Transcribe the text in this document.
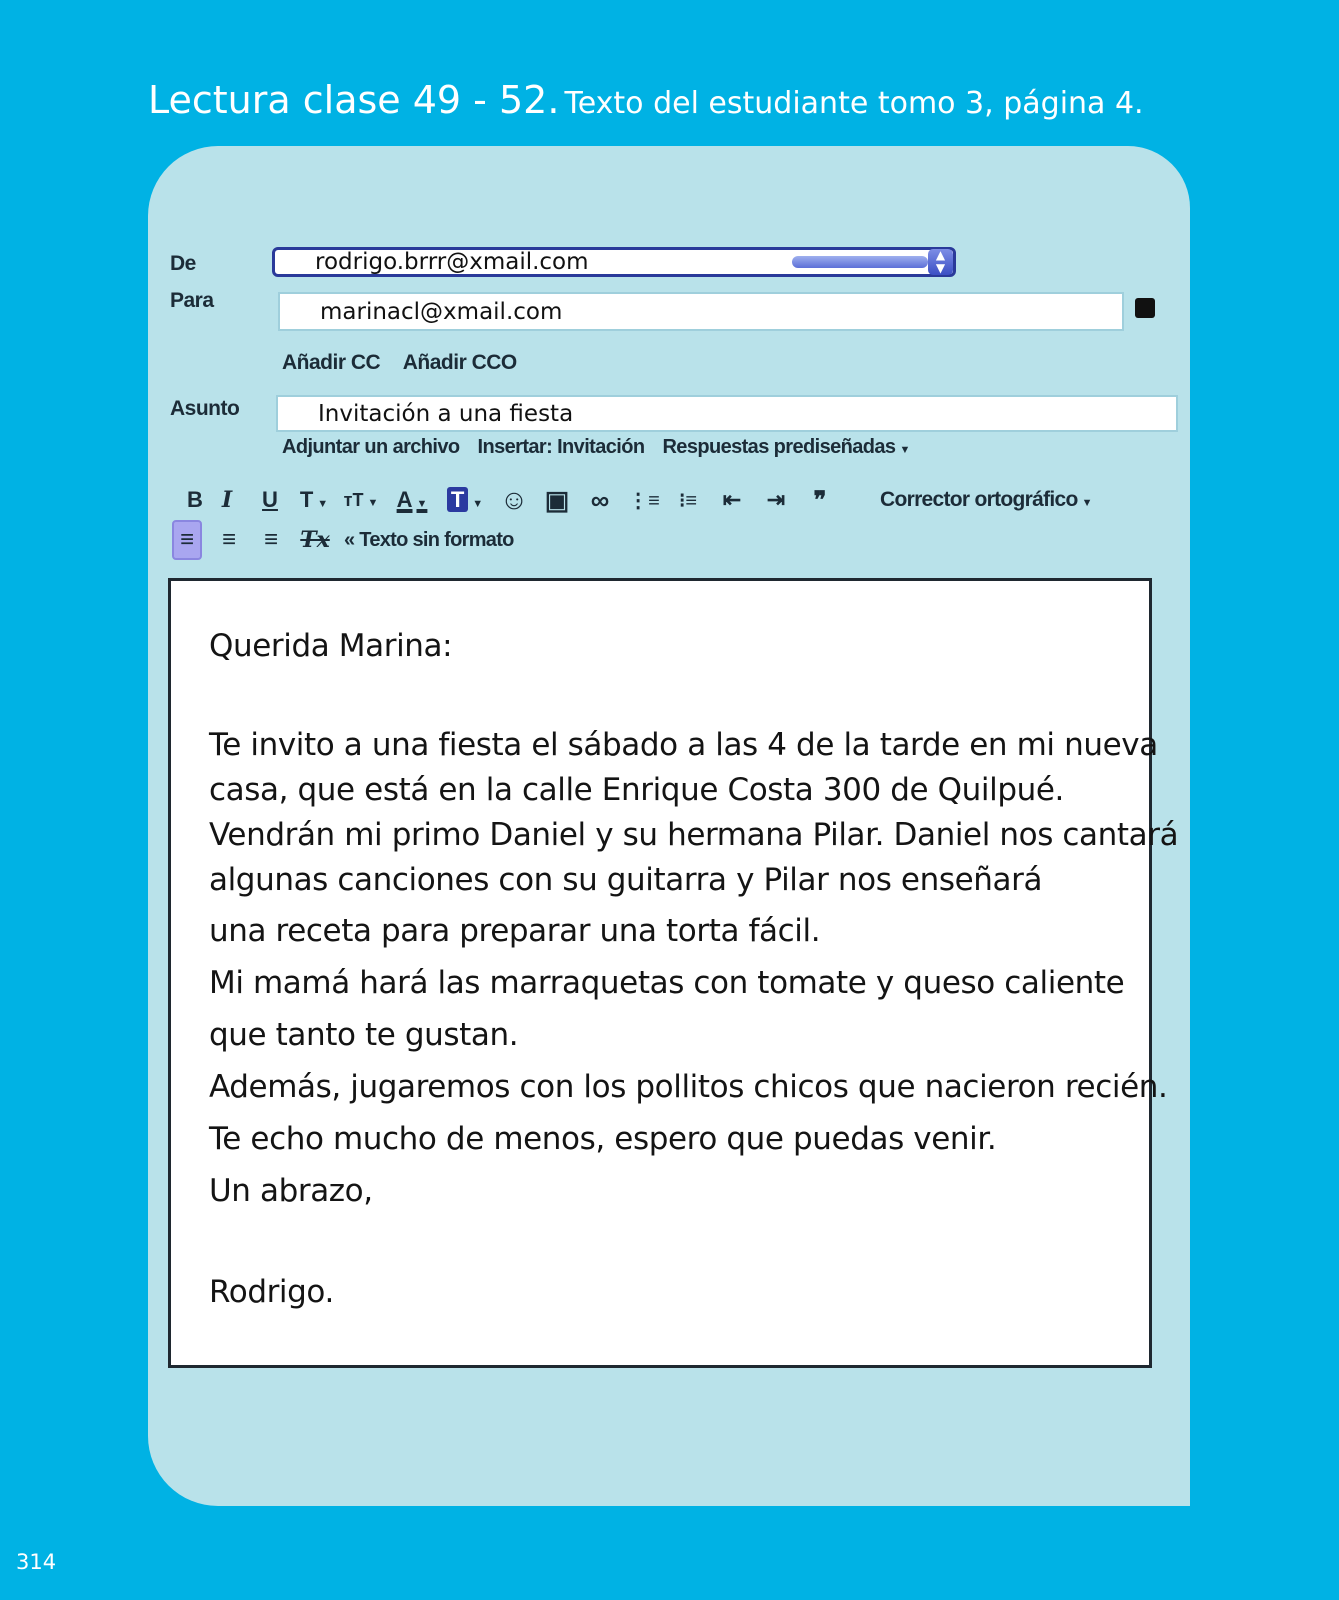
Lectura clase 49 - 52. Texto del estudiante tomo 3, página 4.
De	rodrigo.brrr@xmail.com	▲
▼
Para	marinacl@xmail.com
Añadir CC Añadir CCO
Asunto	Invitación a una fiesta
Adjuntar un archivo Insertar: Invitación Respuestas prediseñadas ▼
B I	U T ▼ тT ▼ A ▼	T ▼ ☺ ▣ ∞ ⋮≡ ⁝≡	⇤	⇥	❞	Corrector ortográfico ▼
≡	≡	≡	Tx « Texto sin formato

Querida Marina:

Te invito a una fiesta el sábado a las 4 de la tarde en mi nueva

casa, que está en la calle Enrique Costa 300 de Quilpué.

Vendrán mi primo Daniel y su hermana Pilar. Daniel nos cantará

algunas canciones con su guitarra y Pilar nos enseñará

una receta para preparar una torta fácil.

Mi mamá hará las marraquetas con tomate y queso caliente

que tanto te gustan.

Además, jugaremos con los pollitos chicos que nacieron recién.

Te echo mucho de menos, espero que puedas venir.

Un abrazo,

Rodrigo.

314
